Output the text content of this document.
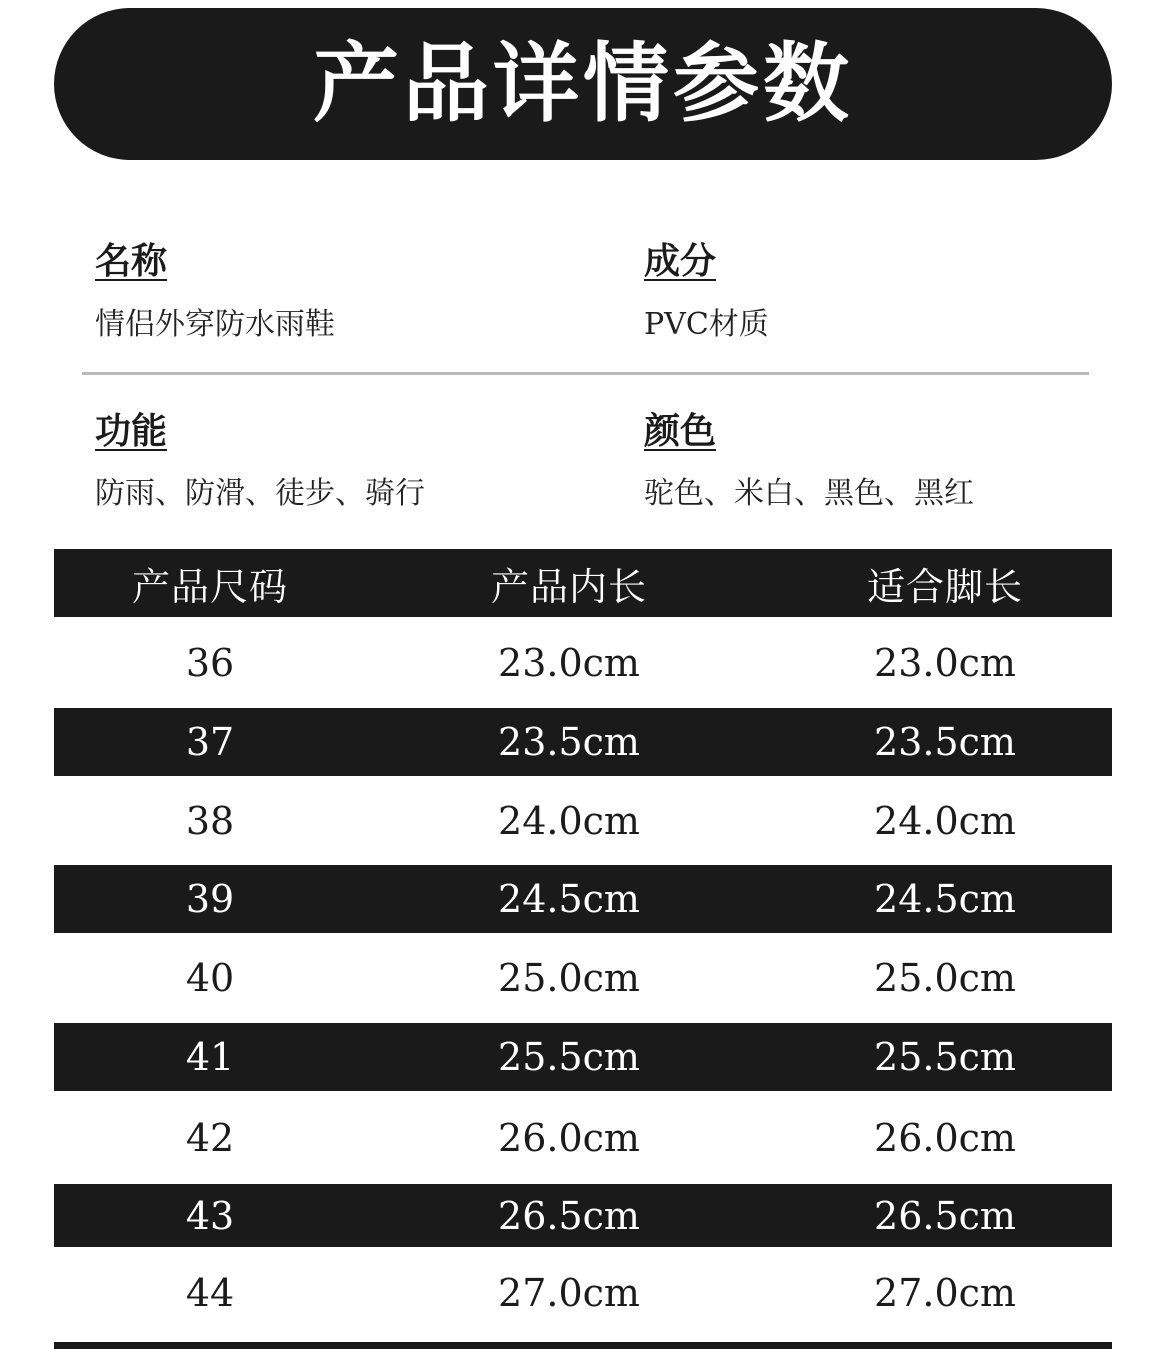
产品详情参数
名称
情侣外穿防水雨鞋
成分
PVC材质
功能
防雨、防滑、徒步、骑行
颜色
驼色、米白、黑色、黑红
产品尺码	产品内长	适合脚长
36	23.0cm	23.0cm
37	23.5cm	23.5cm
38	24.0cm	24.0cm
39	24.5cm	24.5cm
40	25.0cm	25.0cm
41	25.5cm	25.5cm
42	26.0cm	26.0cm
43	26.5cm	26.5cm
44	27.0cm	27.0cm
